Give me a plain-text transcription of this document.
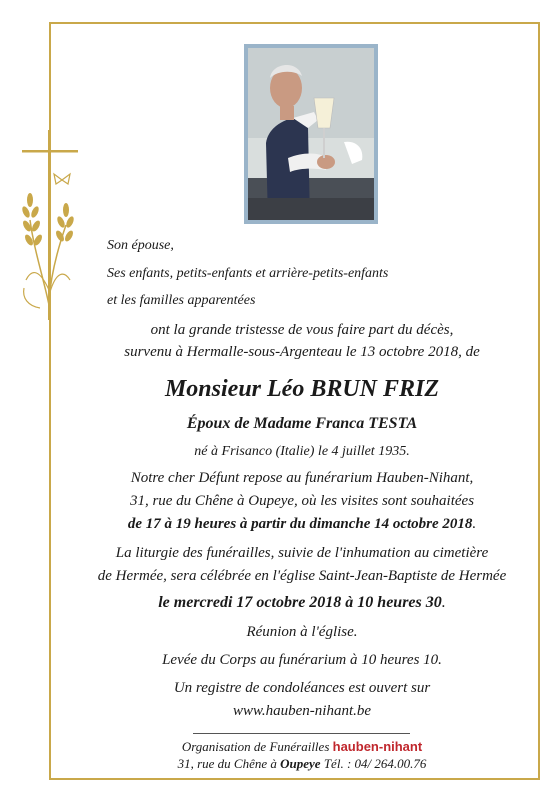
Son épouse,
Ses enfants, petits-enfants et arrière-petits-enfants
et les familles apparentées
ont la grande tristesse de vous faire part du décès,
survenu à Hermalle-sous-Argenteau le 13 octobre 2018, de
Monsieur Léo BRUN FRIZ
Époux de Madame Franca TESTA
né à Frisanco (Italie) le 4 juillet 1935.
Notre cher Défunt repose au funérarium Hauben-Nihant,
31, rue du Chêne à Oupeye, où les visites sont souhaitées
de 17 à 19 heures à partir du dimanche 14 octobre 2018.
La liturgie des funérailles, suivie de l'inhumation au cimetière
de Hermée, sera célébrée en l'église Saint-Jean-Baptiste de Hermée
le mercredi 17 octobre 2018 à 10 heures 30.
Réunion à l'église.
Levée du Corps au funérarium à 10 heures 10.
Un registre de condoléances est ouvert sur
www.hauben-nihant.be
Organisation de Funérailles hauben-nihant
31, rue du Chêne à Oupeye Tél. : 04/ 264.00.76
